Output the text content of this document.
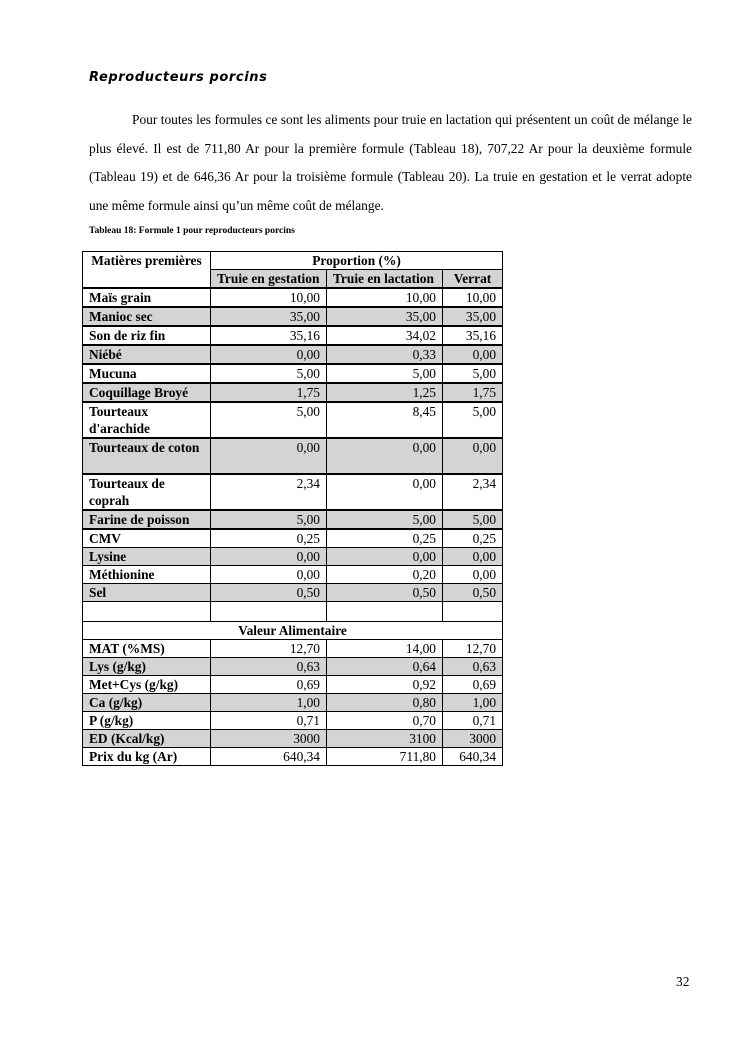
Reproducteurs porcins

Pour toutes les formules ce sont les aliments pour truie en lactation qui présentent un coût de mélange le plus élevé. Il est de 711,80 Ar pour la première formule (Tableau 18), 707,22 Ar pour la deuxième formule (Tableau 19) et de 646,36 Ar pour la troisième formule (Tableau 20). La truie en gestation et le verrat adopte une même formule ainsi qu’un même coût de mélange.

Tableau 18: Formule 1 pour reproducteurs porcins
Matières premières	Proportion (%)		
	Truie en gestation	Truie en lactation	Verrat
Maïs grain	10,00	10,00	10,00
Manioc sec	35,00	35,00	35,00
Son de riz fin	35,16	34,02	35,16
Niébé	0,00	0,33	0,00
Mucuna	5,00	5,00	5,00
Coquillage Broyé	1,75	1,25	1,75
Tourteaux d'arachide	5,00	8,45	5,00
Tourteaux de coton	0,00	0,00	0,00
Tourteaux de coprah	2,34	0,00	2,34
Farine de poisson	5,00	5,00	5,00
CMV	0,25	0,25	0,25
Lysine	0,00	0,00	0,00
Méthionine	0,00	0,20	0,00
Sel	0,50	0,50	0,50

Valeur Alimentaire			
MAT (%MS)	12,70	14,00	12,70
Lys (g/kg)	0,63	0,64	0,63
Met+Cys (g/kg)	0,69	0,92	0,69
Ca (g/kg)	1,00	0,80	1,00
P (g/kg)	0,71	0,70	0,71
ED (Kcal/kg)	3000	3100	3000
Prix du kg (Ar)	640,34	711,80	640,34
32
